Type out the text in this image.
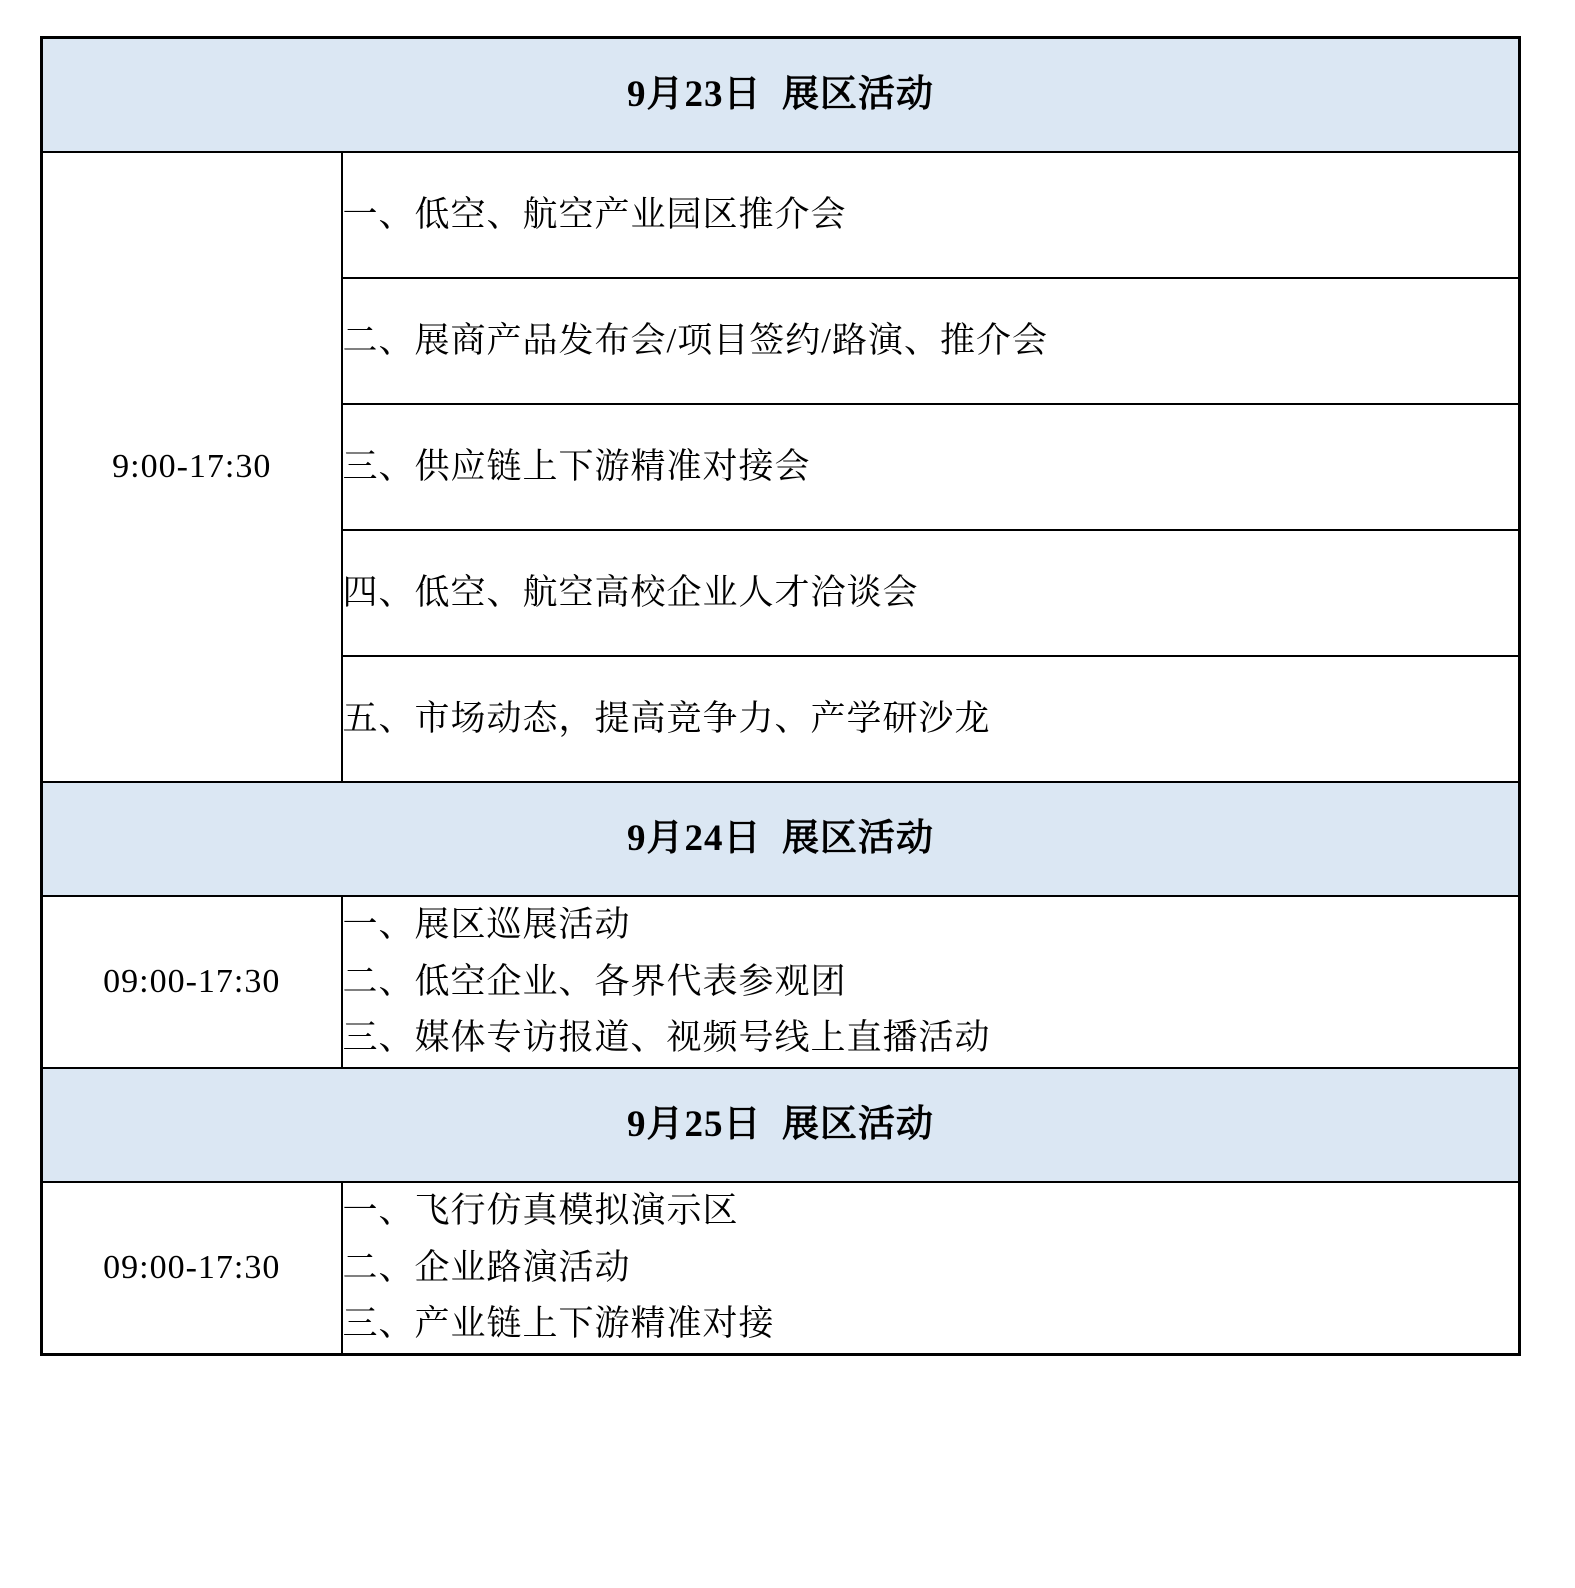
9月23日  展区活动	
9:00-17:30	一、低空、航空产业园区推介会
	二、展商产品发布会/项目签约/路演、推介会
	三、供应链上下游精准对接会
	四、低空、航空高校企业人才洽谈会
	五、市场动态，提高竞争力、产学研沙龙
9月24日  展区活动	
09:00-17:30	一、展区巡展活动
二、低空企业、各界代表参观团
三、媒体专访报道、视频号线上直播活动

9月25日  展区活动	
09:00-17:30	一、飞行仿真模拟演示区
二、企业路演活动
三、产业链上下游精准对接
